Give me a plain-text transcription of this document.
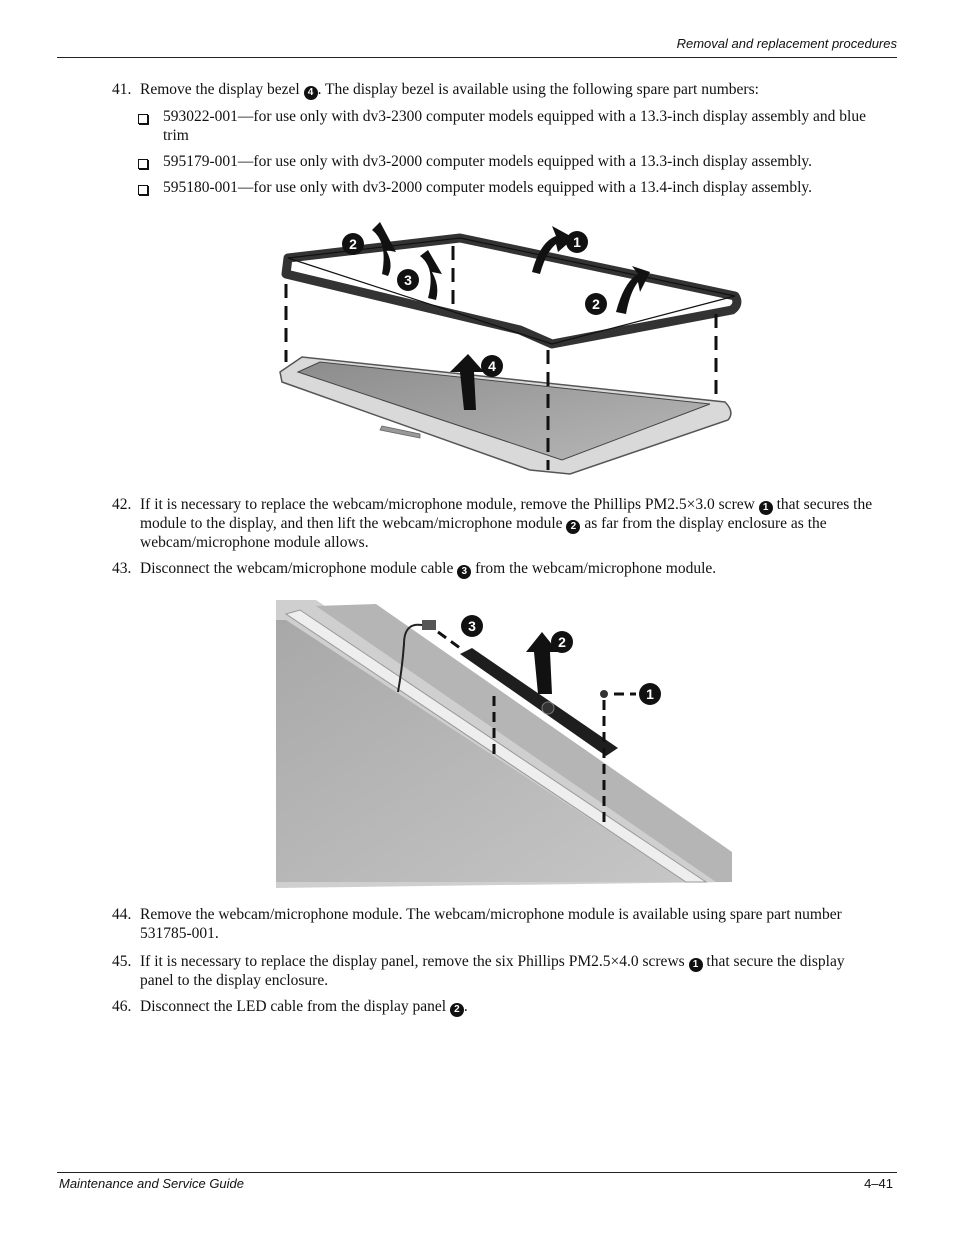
Removal and replacement procedures
41. Remove the display bezel 4 . The display bezel is available using the following spare part numbers:
593022-001—for use only with dv3-2300 computer models equipped with a 13.3-inch display assembly and blue trim
595179-001—for use only with dv3-2000 computer models equipped with a 13.3-inch display assembly.
595180-001—for use only with dv3-2000 computer models equipped with a 13.4-inch display assembly.
2
3
1
2
4
42. If it is necessary to replace the webcam/microphone module, remove the Phillips PM2.5×3.0 screw 1 that secures the module to the display, and then lift the webcam/microphone module 2 as far from the display enclosure as the webcam/microphone module allows.
43. Disconnect the webcam/microphone module cable 3 from the webcam/microphone module.
3
2
1
44. Remove the webcam/microphone module. The webcam/microphone module is available using spare part number 531785-001.
45. If it is necessary to replace the display panel, remove the six Phillips PM2.5×4.0 screws 1 that secure the display panel to the display enclosure.
46. Disconnect the LED cable from the display panel 2 .
Maintenance and Service Guide	4–41
